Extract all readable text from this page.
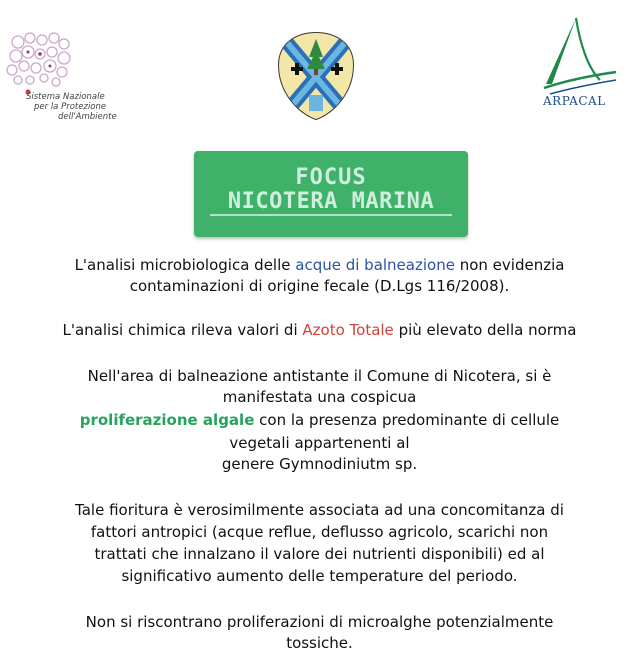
Sistema Nazionale
per la Protezione
dell'Ambiente
ARPACAL
FOCUS
NICOTERA MARINA
L'analisi microbiologica delle acque di balneazione non evidenzia
contaminazioni di origine fecale (D.Lgs 116/2008).
L'analisi chimica rileva valori di Azoto Totale più elevato della norma
Nell'area di balneazione antistante il Comune di Nicotera, si è
manifestata una cospicua
proliferazione algale con la presenza predominante di cellule
vegetali appartenenti al
genere Gymnodiniutm sp.
Tale fioritura è verosimilmente associata ad una concomitanza di
fattori antropici (acque reflue, deflusso agricolo, scarichi non
trattati che innalzano il valore dei nutrienti disponibili) ed al
significativo aumento delle temperature del periodo.
Non si riscontrano proliferazioni di microalghe potenzialmente
tossiche.
